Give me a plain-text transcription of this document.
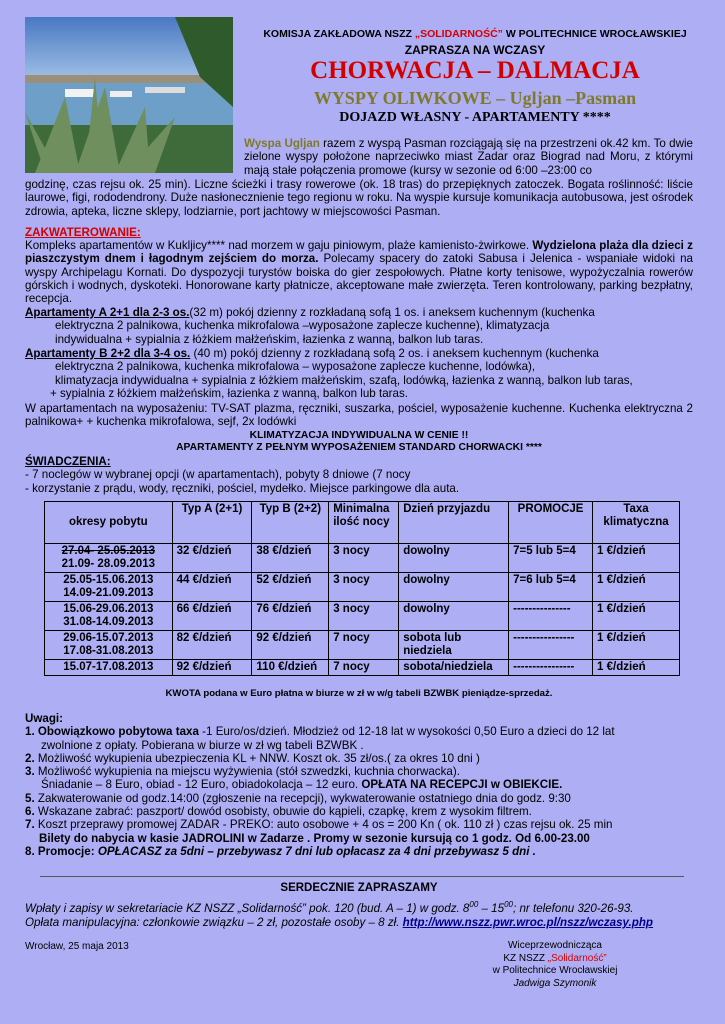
KOMISJA ZAKŁADOWA NSZZ „SOLIDARNOŚĆ” W POLITECHNICE WROCŁAWSKIEJ
ZAPRASZA NA WCZASY
CHORWACJA – DALMACJA
WYSPY OLIWKOWE – Ugljan –Pasman
DOJAZD WŁASNY - APARTAMENTY ****

Wyspa Ugljan razem z wyspą Pasman rozciągają się na przestrzeni ok.42 km. To dwie zielone wyspy położone naprzeciwko miast Zadar oraz Biograd nad Moru, z którymi mają stałe połączenia promowe (kursy w sezonie od 6:00 –23:00 co

godzinę, czas rejsu ok. 25 min). Liczne ścieżki i trasy rowerowe (ok. 18 tras) do przepięknych zatoczek. Bogata roślinność: liście laurowe, figi, rododendrony. Duże nasłonecznienie tego regionu w roku. Na wyspie kursuje komunikacja autobusowa, jest ośrodek zdrowia, apteka, liczne sklepy, lodziarnie, port jachtowy w miejscowości Pasman.

ZAKWATEROWANIE:

Kompleks apartamentów w Kukljicy**** nad morzem w gaju piniowym, plaże kamienisto-żwirkowe. Wydzielona plaża dla dzieci z piaszczystym dnem i łagodnym zejściem do morza. Polecamy spacery do zatoki Sabusa i Jelenica - wspaniałe widoki na wyspy Archipelagu Kornati. Do dyspozycji turystów boiska do gier zespołowych. Płatne korty tenisowe, wypożyczalnia rowerów górskich i wodnych, dyskoteki. Honorowane karty płatnicze, akceptowane małe zwierzęta. Teren kontrolowany, parking bezpłatny, recepcja.

Apartamenty A 2+1 dla 2-3 os.(32 m) pokój dzienny z rozkładaną sofą 1 os. i aneksem kuchennym (kuchenka
elektryczna 2 palnikowa, kuchenka mikrofalowa –wyposażone zaplecze kuchenne), klimatyzacja
indywidualna + sypialnia z łóżkiem małżeńskim, łazienka z wanną, balkon lub taras.
Apartamenty B 2+2 dla 3-4 os. (40 m) pokój dzienny z rozkładaną sofą 2 os. i aneksem kuchennym (kuchenka
elektryczna 2 palnikowa, kuchenka mikrofalowa – wyposażone zaplecze kuchenne, lodówka),
klimatyzacja indywidualna + sypialnia z łóżkiem małżeńskim, szafą, lodówką, łazienka z wanną, balkon lub taras,
+ sypialnia z łóżkiem małżeńskim, łazienka z wanną, balkon lub taras.

W apartamentach na wyposażeniu: TV-SAT plazma, ręczniki, suszarka, pościel, wyposażenie kuchenne. Kuchenka elektryczna 2 palnikowa+ + kuchenka mikrofalowa, sejf, 2x lodówki

KLIMATYZACJA INDYWIDUALNA W CENIE !!

APARTAMENTY Z PEŁNYM WYPOSAŻENIEM STANDARD CHORWACKI ****

ŚWIADCZENIA:

- 7 noclegów w wybranej opcji (w apartamentach), pobyty 8 dniowe (7 nocy

- korzystanie z prądu, wody, ręczniki, pościel, mydełko. Miejsce parkingowe dla auta.

okresy pobytu	Typ A (2+1)	Typ B (2+2)	Minimalna ilość nocy	Dzień przyjazdu	PROMOCJE	Taxa klimatyczna

27.04- 25.05.2013
21.09- 28.09.2013	32 €/dzień	38 €/dzień	3 nocy	dowolny	7=5 lub 5=4	1 €/dzień

25.05-15.06.2013
14.09-21.09.2013	44 €/dzień	52 €/dzień	3 nocy	dowolny	7=6 lub 5=4	1 €/dzień

15.06-29.06.2013
31.08-14.09.2013	66 €/dzień	76 €/dzień	3 nocy	dowolny	---------------	1 €/dzień

29.06-15.07.2013
17.08-31.08.2013	82 €/dzień	92 €/dzień	7 nocy	sobota lub niedziela	----------------	1 €/dzień
15.07-17.08.2013	92 €/dzień	110 €/dzień	7 nocy	sobota/niedziela	----------------	1 €/dzień

KWOTA podana w Euro płatna w biurze w zł w w/g tabeli BZWBK pieniądze-sprzedaż.

Uwagi:
1. Obowiązkowo pobytowa taxa -1 Euro/os/dzień. Młodzież od 12-18 lat w wysokości 0,50 Euro a dzieci do 12 lat
zwolnione z opłaty. Pobierana w biurze w zł wg tabeli BZWBK .
2. Możliwość wykupienia ubezpieczenia KL + NNW. Koszt ok. 35 zł/os.( za okres 10 dni )
3. Możliwość wykupienia na miejscu wyżywienia (stół szwedzki, kuchnia chorwacka).
Śniadanie – 8 Euro, obiad - 12 Euro, obiadokolacja – 12 euro. OPŁATA NA RECEPCJI w OBIEKCIE.
5. Zakwaterowanie od godz.14:00 (zgłoszenie na recepcji), wykwaterowanie ostatniego dnia do godz. 9:30
6. Wskazane zabrać: paszport/ dowód osobisty, obuwie do kąpieli, czapkę, krem z wysokim filtrem.
7. Koszt przeprawy promowej ZADAR - PREKO: auto osobowe + 4 os = 200 Kn ( ok. 110 zł ) czas rejsu ok. 25 min
Bilety do nabycia w kasie JADROLINI w Zadarze . Promy w sezonie kursują co 1 godz. Od 6.00-23.00
8. Promocje: OPŁACASZ za 5dni – przebywasz 7 dni lub opłacasz za 4 dni przebywasz 5 dni .

SERDECZNIE ZAPRASZAMY

Wpłaty i zapisy w sekretariacie KZ NSZZ „Solidarność” pok. 120 (bud. A – 1) w godz. $8^{00} - 15^{00}$; nr telefonu 320-26-93.

Opłata manipulacyjna: członkowie związku – 2 zł, pozostałe osoby – 8 zł. http://www.nszz.pwr.wroc.pl/nszz/wczasy.php

Wrocław, 25 maja 2013	Wiceprzewodnicząca
KZ NSZZ „Solidarność”
w Politechnice Wrocławskiej
Jadwiga Szymonik
